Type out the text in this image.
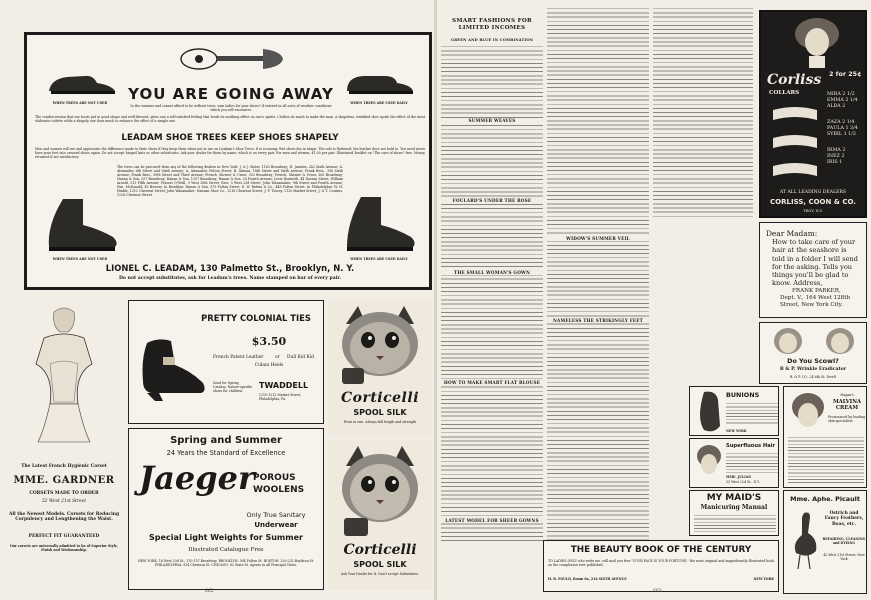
WHEN TREES ARE NOT USED	WHEN TREES ARE USED DAILY
YOU ARE GOING AWAY
In the summer and cannot afford to be without trees, vain ladies for your shoes? if entered in all sorts of weather conditions which you will encounter.
The condescension that our boots put in good shape and well-dressed, gives one a self-satisfied feeling that lends its soothing effect on one's spirits. Clothes do much to make the man. A shapeless, wrinkled shoe spoils the effect of the most elaborate toilette while a shapely one does much to enhance the effect of a simple one.
LEADAM SHOE TREES KEEP SHOES SHAPELY
Men and women will see and appreciate the difference made to their shoes if they keep them when not in use on Leadam's Shoe Trees. It is economy. Wet shoes dry in shape. The sole is flattened; the leather does not hold to. You need never have your feet into creased shoes again. Do not accept hinged lasts or other substitutes. Ask your dealer for them by name, which is on every pair. For men and women, $1.00 per pair. Illustrated booklet on "The care of shoes" free. Money returned if not satisfactory.
The trees can be procured from any of the following dealers in New York: J. & J. Slater, 1163 Broadway; H. Jantzen, 242 Sixth Avenue; A. Alexander, 6th Street and Sixth Avenue; A. Alexander, Fulton Street; B. Altman, 18th Street and Sixth Avenue; Frank Bros., 358 Sixth Avenue; Frank Bros., 59th Street and Third Avenue; French, Shriner & Urner, 353 Broadway; French, Shriner & Urner, 365 Broadway; Hanan & Son, 297 Broadway; Hanan & Son, 1357 Broadway; Hanan & Son, 30 Fourth Avenue; Levis Rosentilt, 44 Nassau Street; William Arnold, 313 Fifth Avenue; Francis O'Neill, 9 West 28th Street; Rice, 5 West 23d Street; John Wanamaker, 9th Street and Fourth Avenue; Wm. McDonald, 45 Bowery. In Brooklyn: Hanan & Son, 370 Fulton Street; E. W. Batten & Co., 448 Fulton Street. In Philadelphia: W. H. Hinkle, 1212 Chestnut Street; John Wanamaker; Nannan Shoe Co., 1218 Chestnut Street; J. F. Tracey, 1120 Market Street; J. & T. Cousins, 1226 Chestnut Street.
WHEN TREES ARE NOT USED	WHEN TREES ARE USED DAILY
LIONEL C. LEADAM, 130 Palmetto St., Brooklyn, N. Y.
Do not accept substitutes, ask for Leadam's trees. Name stamped on bar of every pair.
The Latest French Hygienic Corset
MME. GARDNER
CORSETS MADE TO ORDER
52 West 21st Street
All the Newest Models. Corsets for Reducing Corpulency and Lengthening the Waist.
PERFECT FIT GUARANTEED
Our corsets are universally admitted to be of Superior Style, Finish and Workmanship.
PRETTY COLONIAL TIES
$3.50
French Patent Leather	or	Dull Kid Kid
Cuban Heels
Send for Spring Catalog. Nature-specific shoes for children.
TWADDELL
1210-1212 Market Street, Philadelphia, Pa.	Corticelli
SPOOL SILK
Even in size. Always full length and strength
Spring and Summer
24 Years the Standard of Excellence
Jaeger
POROUS
WOOLENS
Only True Sanitary
Underwear
Special Light Weights for Summer
Illustrated Catalogue Free
NEW YORK: 16 West 23d St.; 155-157 Broadway. BROOKLYN: 504 Fulton St. BOSTON: 230-232 Boylston St. PHILADELPHIA: 924 Chestnut St. CHICAGO: 82 State St. Agents in all Principal Cities.
Corticelli
SPOOL SILK
Ask Your Dealer for It. Don't accept Substitutes.
662
SMART FASHIONS FOR LIMITED INCOMES
GREEN AND BLUE IN COMBINATION
SUMMER WEAVES
FOULARD'S UNDER THE ROSE
THE SMALL WOMAN'S GOWN
HOW TO MAKE SMART FLAT BLOUSE
LATEST MODEL FOR SHEER GOWNS
WIDOW'S SUMMER VEIL
NAMELESS THE STRIKINGLY FEET
Corliss	2 for 25¢
COLLARS	MIRA 2 1/2
EMMA 2 1/4
ALBA 2
ZAZA 2 1/4
PAULA 1 3/4
SYBIL 1 1/2
IRMA 2
INEZ 2
IRIS 1
AT ALL LEADING DEALERS
CORLISS, COON & CO.
TROY, N.Y.
Dear Madam:
How to take care of your hair at the seashore is told in a folder I will send for the asking. Tells you things you'll be glad to know. Address,
FRANK PARKER,
Dept. V., 164 West 128th Street, New York City.
Do You Scowl?
B & P. Wrinkle Eradicator
B. & P. CO., 24 6th St. Dwelt
BUNIONS
NEW YORK
Superfluous Hair
MME. JULIAN
35 West 22d St., N.Y.
Hagan's
MALVINA CREAM
Pronounced by leading skin specialists
MY MAID'S
Manicuring Manual
Mme. Aphe. Picault
Ostrich and Fancy Feathers, Boas, etc.
REPAIRING, CLEANING and DYEING
42 West 21st Street, New York
THE BEAUTY BOOK OF THE CENTURY
TO LADIES ONLY who write me, will mail you free "YOUR FACE IS YOUR FORTUNE," the most original and magnificently illustrated book on the complexion ever published.
H. R. FOULD, Room 8a, 214 SIXTH AVENUE	NEW YORK
663
